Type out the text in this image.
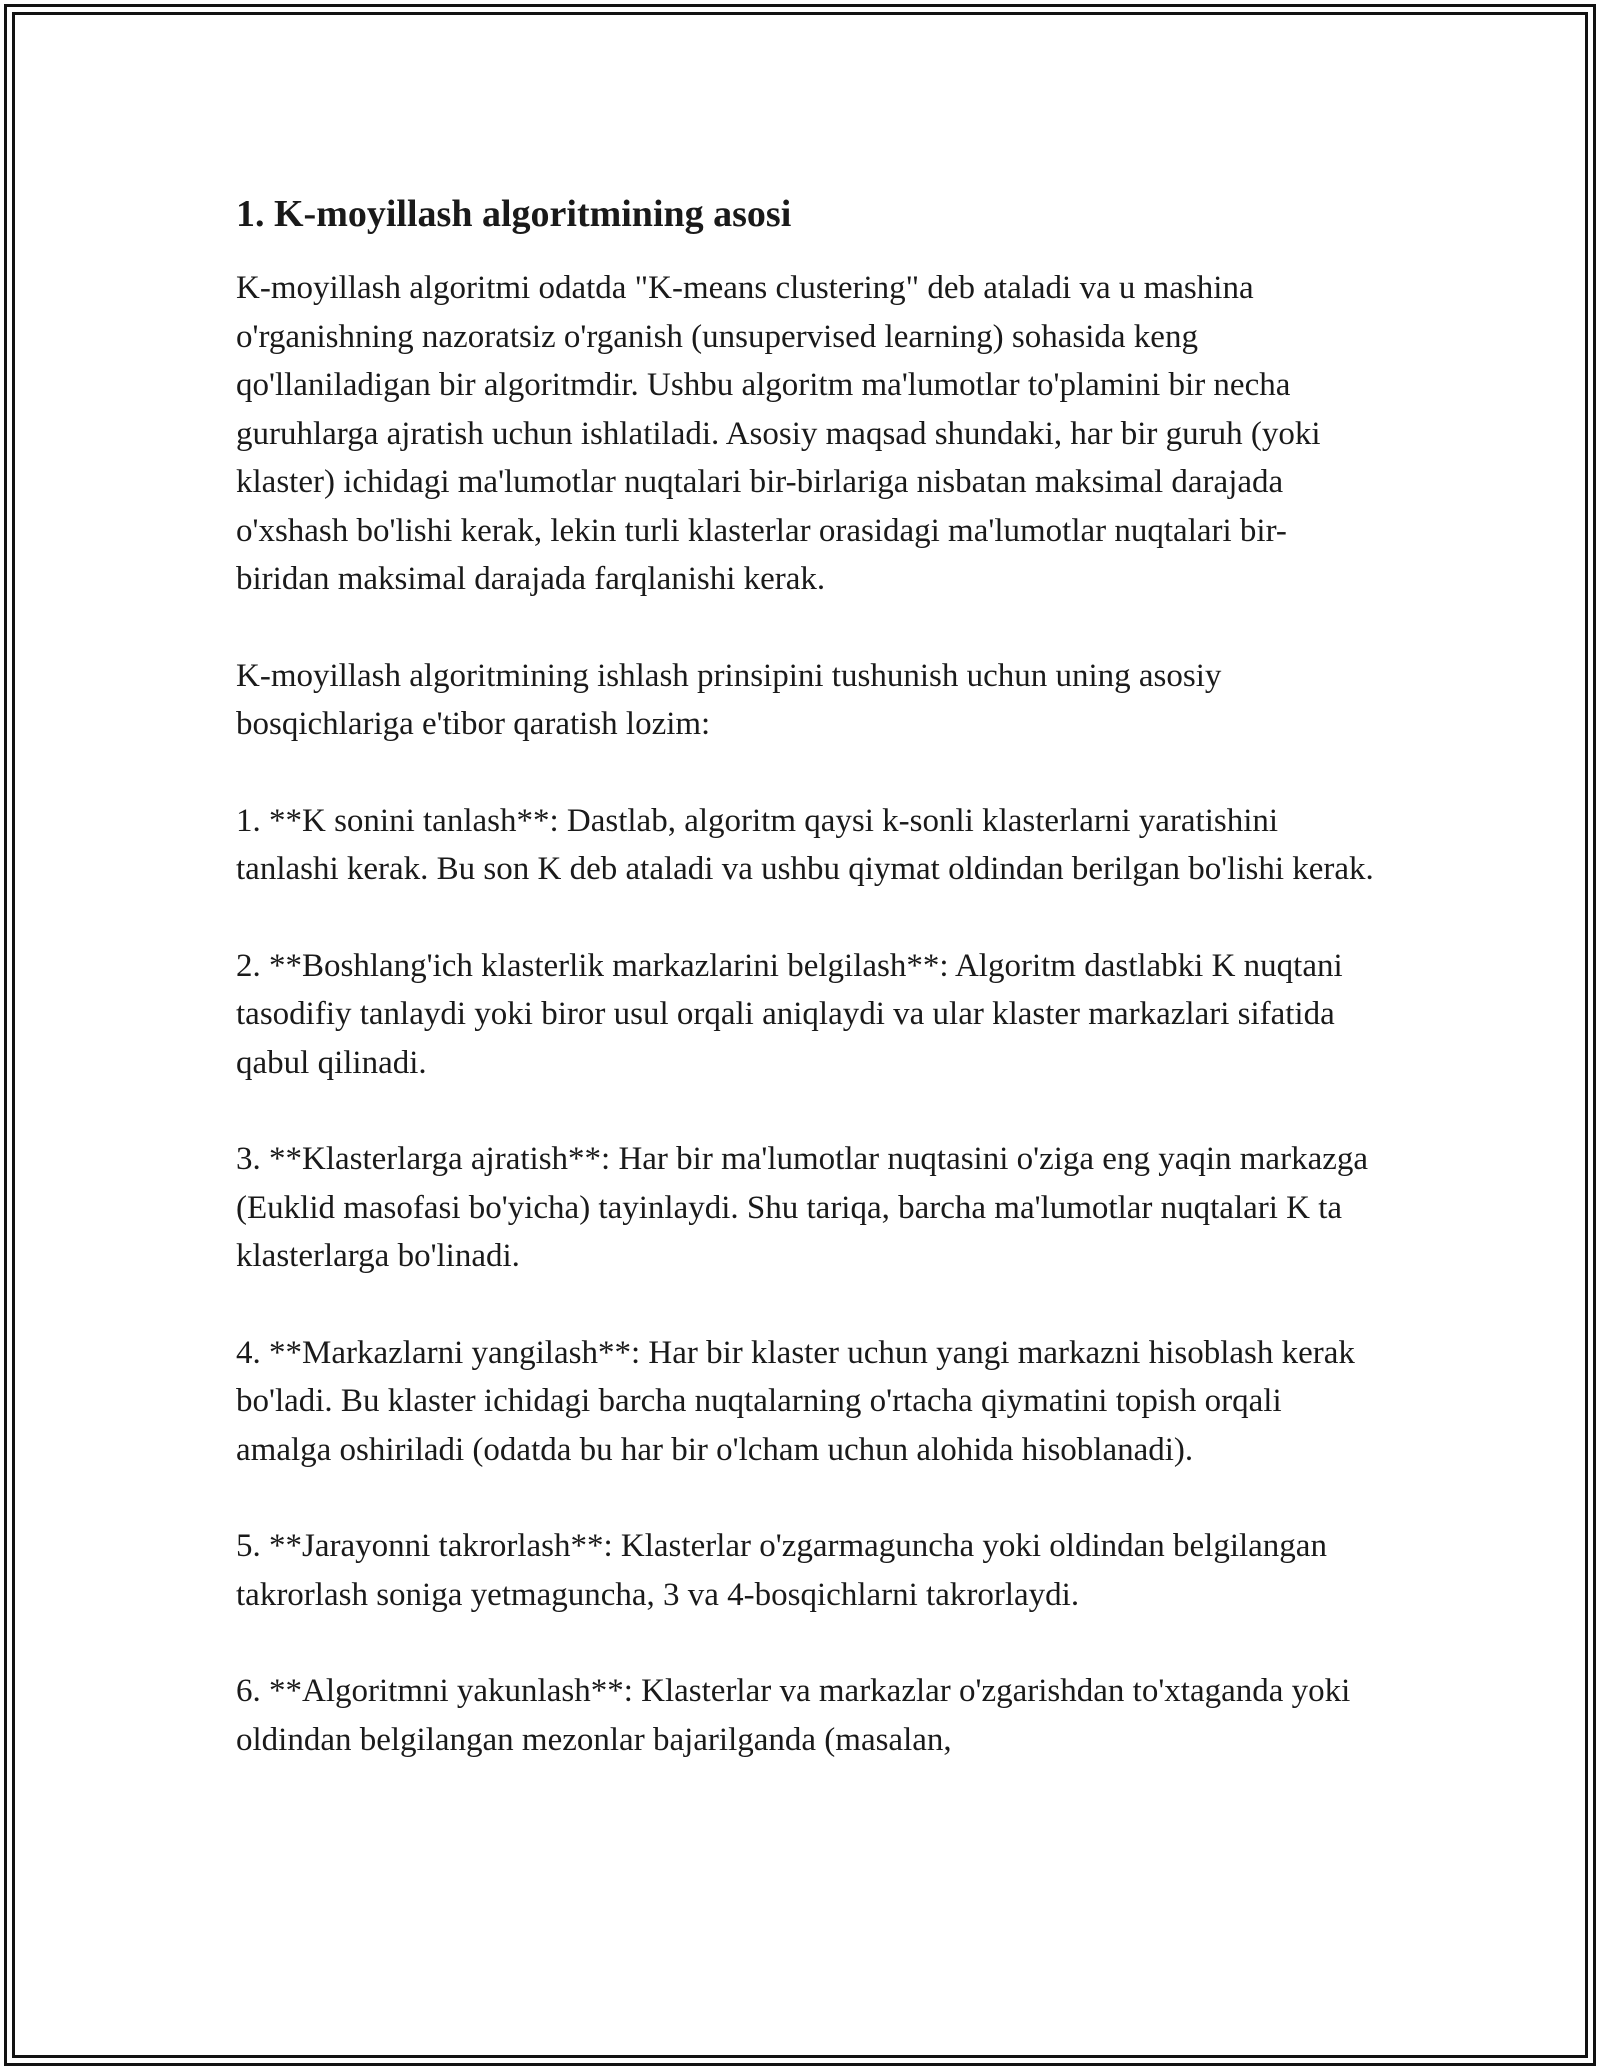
1. K-moyillash algoritmining asosi

K-moyillash algoritmi odatda "K-means clustering" deb ataladi va u mashina o'rganishning nazoratsiz o'rganish (unsupervised learning) sohasida keng qo'llaniladigan bir algoritmdir. Ushbu algoritm ma'lumotlar to'plamini bir necha guruhlarga ajratish uchun ishlatiladi. Asosiy maqsad shundaki, har bir guruh (yoki klaster) ichidagi ma'lumotlar nuqtalari bir-birlariga nisbatan maksimal darajada o'xshash bo'lishi kerak, lekin turli klasterlar orasidagi ma'lumotlar nuqtalari bir-biridan maksimal darajada farqlanishi kerak.

K-moyillash algoritmining ishlash prinsipini tushunish uchun uning asosiy bosqichlariga e'tibor qaratish lozim:

1. **K sonini tanlash**: Dastlab, algoritm qaysi k-sonli klasterlarni yaratishini tanlashi kerak. Bu son K deb ataladi va ushbu qiymat oldindan berilgan bo'lishi kerak.

2. **Boshlang'ich klasterlik markazlarini belgilash**: Algoritm dastlabki K nuqtani tasodifiy tanlaydi yoki biror usul orqali aniqlaydi va ular klaster markazlari sifatida qabul qilinadi.

3. **Klasterlarga ajratish**: Har bir ma'lumotlar nuqtasini o'ziga eng yaqin markazga (Euklid masofasi bo'yicha) tayinlaydi. Shu tariqa, barcha ma'lumotlar nuqtalari K ta klasterlarga bo'linadi.

4. **Markazlarni yangilash**: Har bir klaster uchun yangi markazni hisoblash kerak bo'ladi. Bu klaster ichidagi barcha nuqtalarning o'rtacha qiymatini topish orqali amalga oshiriladi (odatda bu har bir o'lcham uchun alohida hisoblanadi).

5. **Jarayonni takrorlash**: Klasterlar o'zgarmaguncha yoki oldindan belgilangan takrorlash soniga yetmaguncha, 3 va 4-bosqichlarni takrorlaydi.

6. **Algoritmni yakunlash**: Klasterlar va markazlar o'zgarishdan to'xtaganda yoki oldindan belgilangan mezonlar bajarilganda (masalan,
